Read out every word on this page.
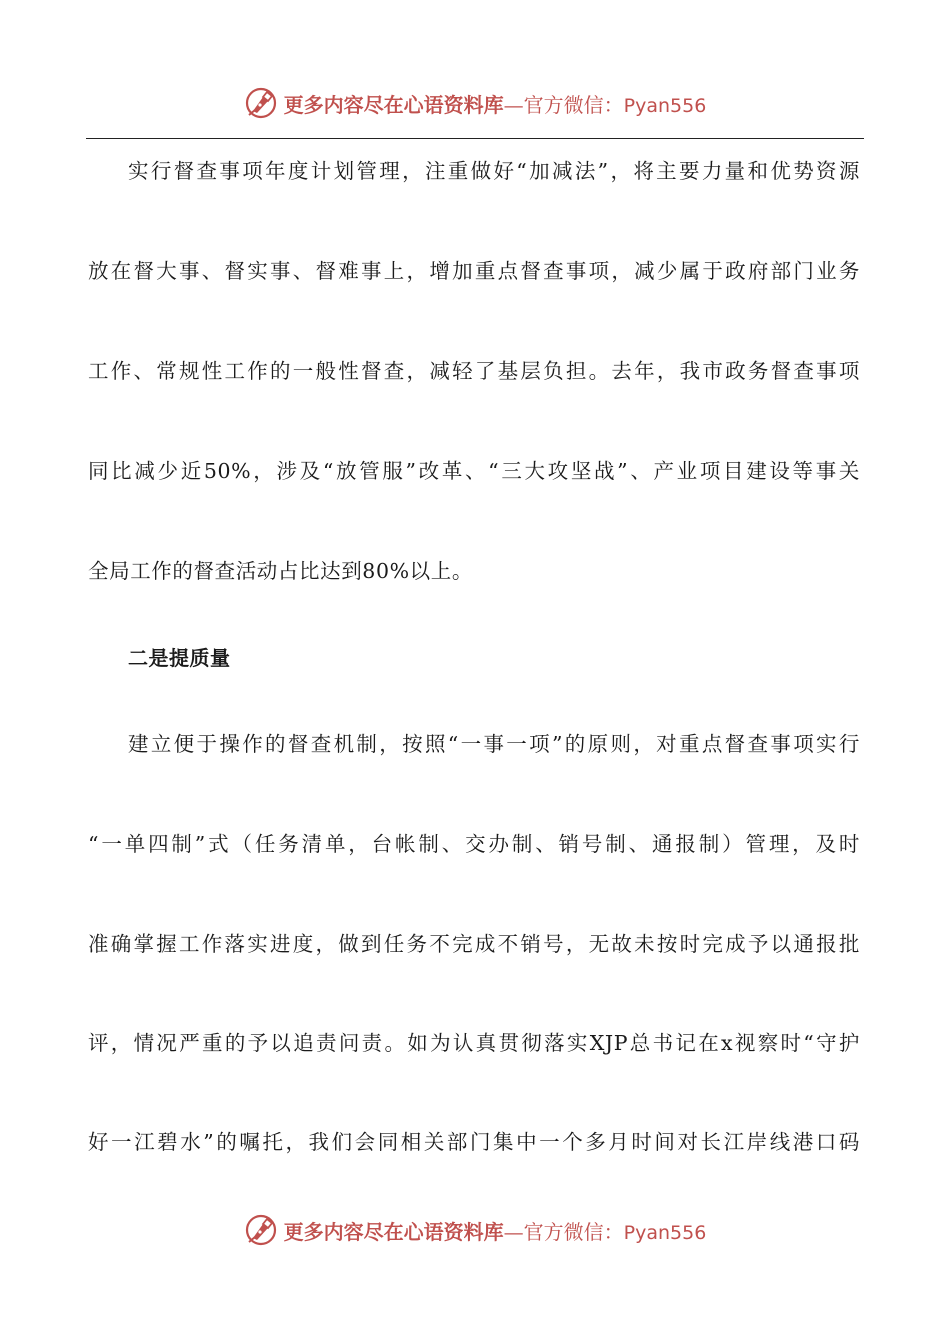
更多内容尽在心语资料库—官方微信：Pyan556
实行督查事项年度计划管理，注重做好“加减法”，将主要力量和优势资源
放在督大事、督实事、督难事上，增加重点督查事项，减少属于政府部门业务
工作、常规性工作的一般性督查，减轻了基层负担。去年，我市政务督查事项
同比减少近50%，涉及“放管服”改革、“三大攻坚战”、产业项目建设等事关
全局工作的督查活动占比达到80%以上。
二是提质量
建立便于操作的督查机制，按照“一事一项”的原则，对重点督查事项实行
“一单四制”式（任务清单，台帐制、交办制、销号制、通报制）管理，及时
准确掌握工作落实进度，做到任务不完成不销号，无故未按时完成予以通报批
评，情况严重的予以追责问责。如为认真贯彻落实XJP总书记在x视察时“守护
好一江碧水”的嘱托，我们会同相关部门集中一个多月时间对长江岸线港口码
更多内容尽在心语资料库—官方微信：Pyan556
